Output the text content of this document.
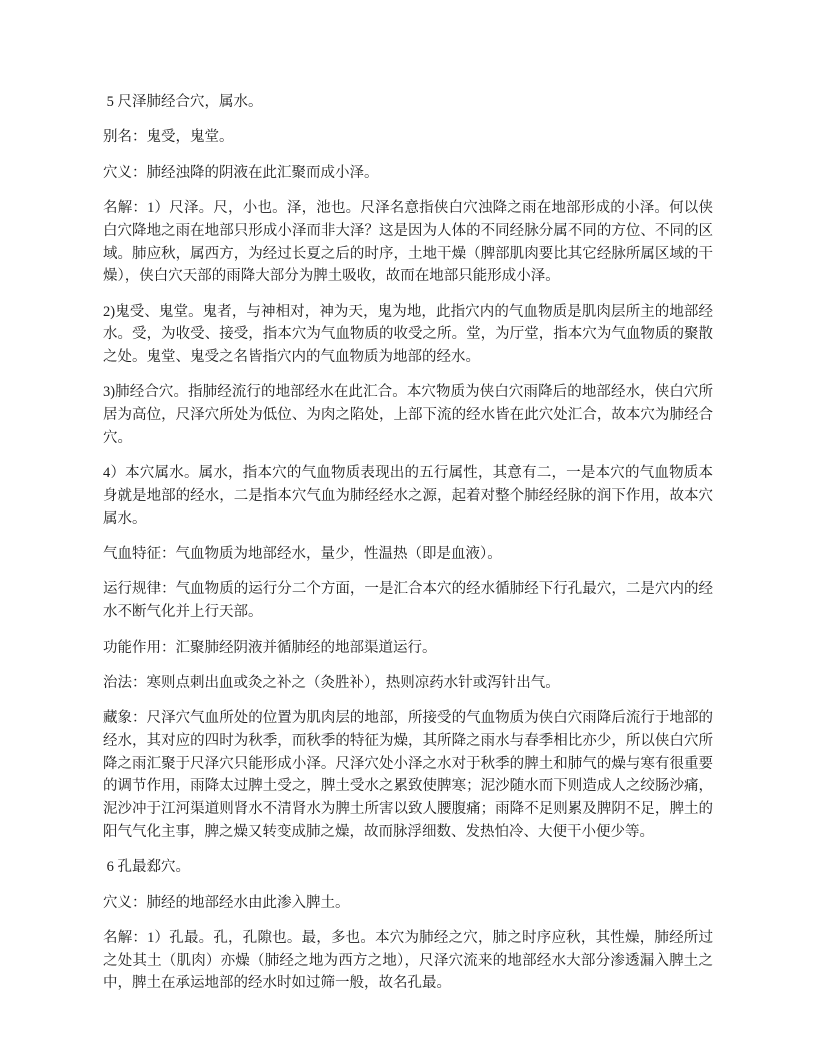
5 尺泽肺经合穴，属水。

别名：鬼受，鬼堂。

穴义：肺经浊降的阴液在此汇聚而成小泽。

名解：1）尺泽。尺，小也。泽，池也。尺泽名意指侠白穴浊降之雨在地部形成的小泽。何以侠白穴降地之雨在地部只形成小泽而非大泽？这是因为人体的不同经脉分属不同的方位、不同的区域。肺应秋，属西方，为经过长夏之后的时序，土地干燥（脾部肌肉要比其它经脉所属区域的干燥），侠白穴天部的雨降大部分为脾土吸收，故而在地部只能形成小泽。

2)鬼受、鬼堂。鬼者，与神相对，神为天，鬼为地，此指穴内的气血物质是肌肉层所主的地部经水。受，为收受、接受，指本穴为气血物质的收受之所。堂，为厅堂，指本穴为气血物质的聚散之处。鬼堂、鬼受之名皆指穴内的气血物质为地部的经水。

3)肺经合穴。指肺经流行的地部经水在此汇合。本穴物质为侠白穴雨降后的地部经水，侠白穴所居为高位，尺泽穴所处为低位、为肉之陷处，上部下流的经水皆在此穴处汇合，故本穴为肺经合穴。

4）本穴属水。属水，指本穴的气血物质表现出的五行属性，其意有二，一是本穴的气血物质本身就是地部的经水，二是指本穴气血为肺经经水之源，起着对整个肺经经脉的润下作用，故本穴属水。

气血特征：气血物质为地部经水，量少，性温热（即是血液）。

运行规律：气血物质的运行分二个方面，一是汇合本穴的经水循肺经下行孔最穴，二是穴内的经水不断气化并上行天部。

功能作用：汇聚肺经阴液并循肺经的地部渠道运行。

治法：寒则点刺出血或灸之补之（灸胜补），热则凉药水针或泻针出气。

藏象：尺泽穴气血所处的位置为肌肉层的地部，所接受的气血物质为侠白穴雨降后流行于地部的经水，其对应的四时为秋季，而秋季的特征为燥，其所降之雨水与春季相比亦少，所以侠白穴所降之雨汇聚于尺泽穴只能形成小泽。尺泽穴处小泽之水对于秋季的脾土和肺气的燥与寒有很重要的调节作用，雨降太过脾土受之，脾土受水之累致使脾寒；泥沙随水而下则造成人之绞肠沙痛，泥沙冲于江河渠道则肾水不清肾水为脾土所害以致人腰腹痛；雨降不足则累及脾阴不足，脾土的阳气气化主事，脾之燥又转变成肺之燥，故而脉浮细数、发热怕冷、大便干小便少等。

6 孔最郄穴。

穴义：肺经的地部经水由此渗入脾土。

名解：1）孔最。孔，孔隙也。最，多也。本穴为肺经之穴，肺之时序应秋，其性燥，肺经所过之处其土（肌肉）亦燥（肺经之地为西方之地），尺泽穴流来的地部经水大部分渗透漏入脾土之中，脾土在承运地部的经水时如过筛一般，故名孔最。
